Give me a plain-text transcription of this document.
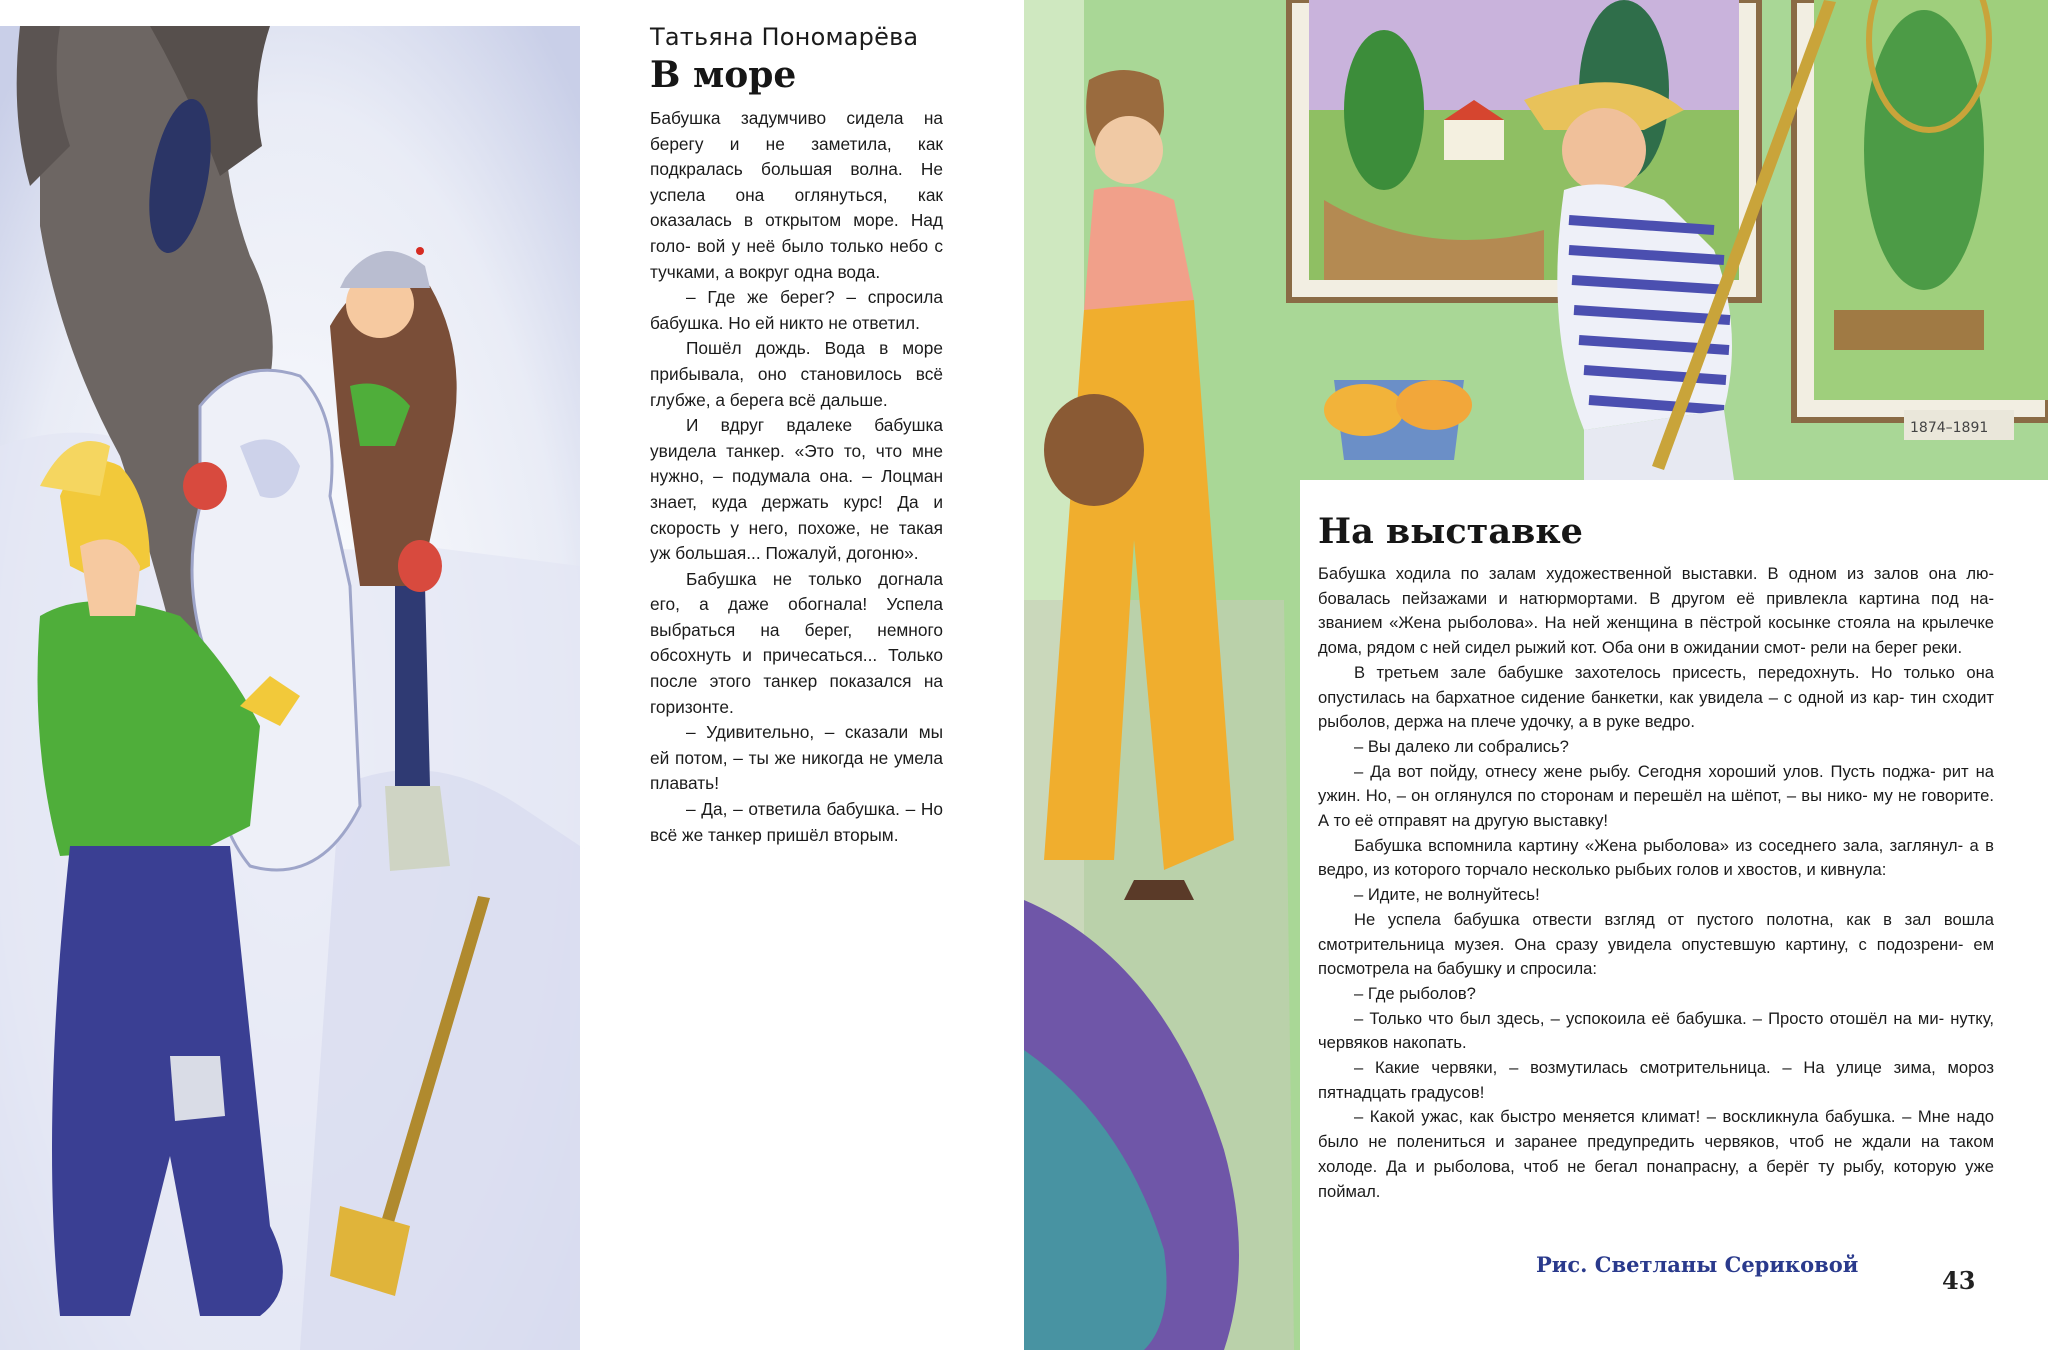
Татьяна Пономарёва

В море

Бабушка задумчиво сидела на берегу и не заметила, как подкралась большая волна. Не успела она оглянуться, как оказалась в открытом море. Над голо- вой у неё было только небо с тучками, а вокруг одна вода.

– Где же берег? – спросила бабушка. Но ей никто не ответил.

Пошёл дождь. Вода в море прибывала, оно становилось всё глубже, а берега всё дальше.

И вдруг вдалеке бабушка увидела танкер. «Это то, что мне нужно, – подумала она. – Лоцман знает, куда держать курс! Да и скорость у него, похоже, не такая уж большая... Пожалуй, догоню».

Бабушка не только догнала его, а даже обогнала! Успела выбраться на берег, немного обсохнуть и причесаться... Только после этого танкер показался на горизонте.

– Удивительно, – сказали мы ей потом, – ты же никогда не умела плавать!

– Да, – ответила бабушка. – Но всё же танкер пришёл вторым.

1874–1891
На выставке

Бабушка ходила по залам художественной выставки. В одном из залов она лю- бовалась пейзажами и натюрмортами. В другом её привлекла картина под на- званием «Жена рыболова». На ней женщина в пёстрой косынке стояла на крылечке дома, рядом с ней сидел рыжий кот. Оба они в ожидании смот- рели на берег реки.

В третьем зале бабушке захотелось присесть, передохнуть. Но только она опустилась на бархатное сидение банкетки, как увидела – с одной из кар- тин сходит рыболов, держа на плече удочку, а в руке ведро.

– Вы далеко ли собрались?

– Да вот пойду, отнесу жене рыбу. Сегодня хороший улов. Пусть поджа- рит на ужин. Но, – он оглянулся по сторонам и перешёл на шёпот, – вы нико- му не говорите. А то её отправят на другую выставку!

Бабушка вспомнила картину «Жена рыболова» из соседнего зала, заглянул- а в ведро, из которого торчало несколько рыбьих голов и хвостов, и кивнула:

– Идите, не волнуйтесь!

Не успела бабушка отвести взгляд от пустого полотна, как в зал вошла смотрительница музея. Она сразу увидела опустевшую картину, с подозрени- ем посмотрела на бабушку и спросила:

– Где рыболов?

– Только что был здесь, – успокоила её бабушка. – Просто отошёл на ми- нутку, червяков накопать.

– Какие червяки, – возмутилась смотрительница. – На улице зима, мороз пятнадцать градусов!

– Какой ужас, как быстро меняется климат! – воскликнула бабушка. – Мне надо было не полениться и заранее предупредить червяков, чтоб не ждали на таком холоде. Да и рыболова, чтоб не бегал понапрасну, а берёг ту рыбу, которую уже поймал.

Рис. Светланы Сериковой
43
